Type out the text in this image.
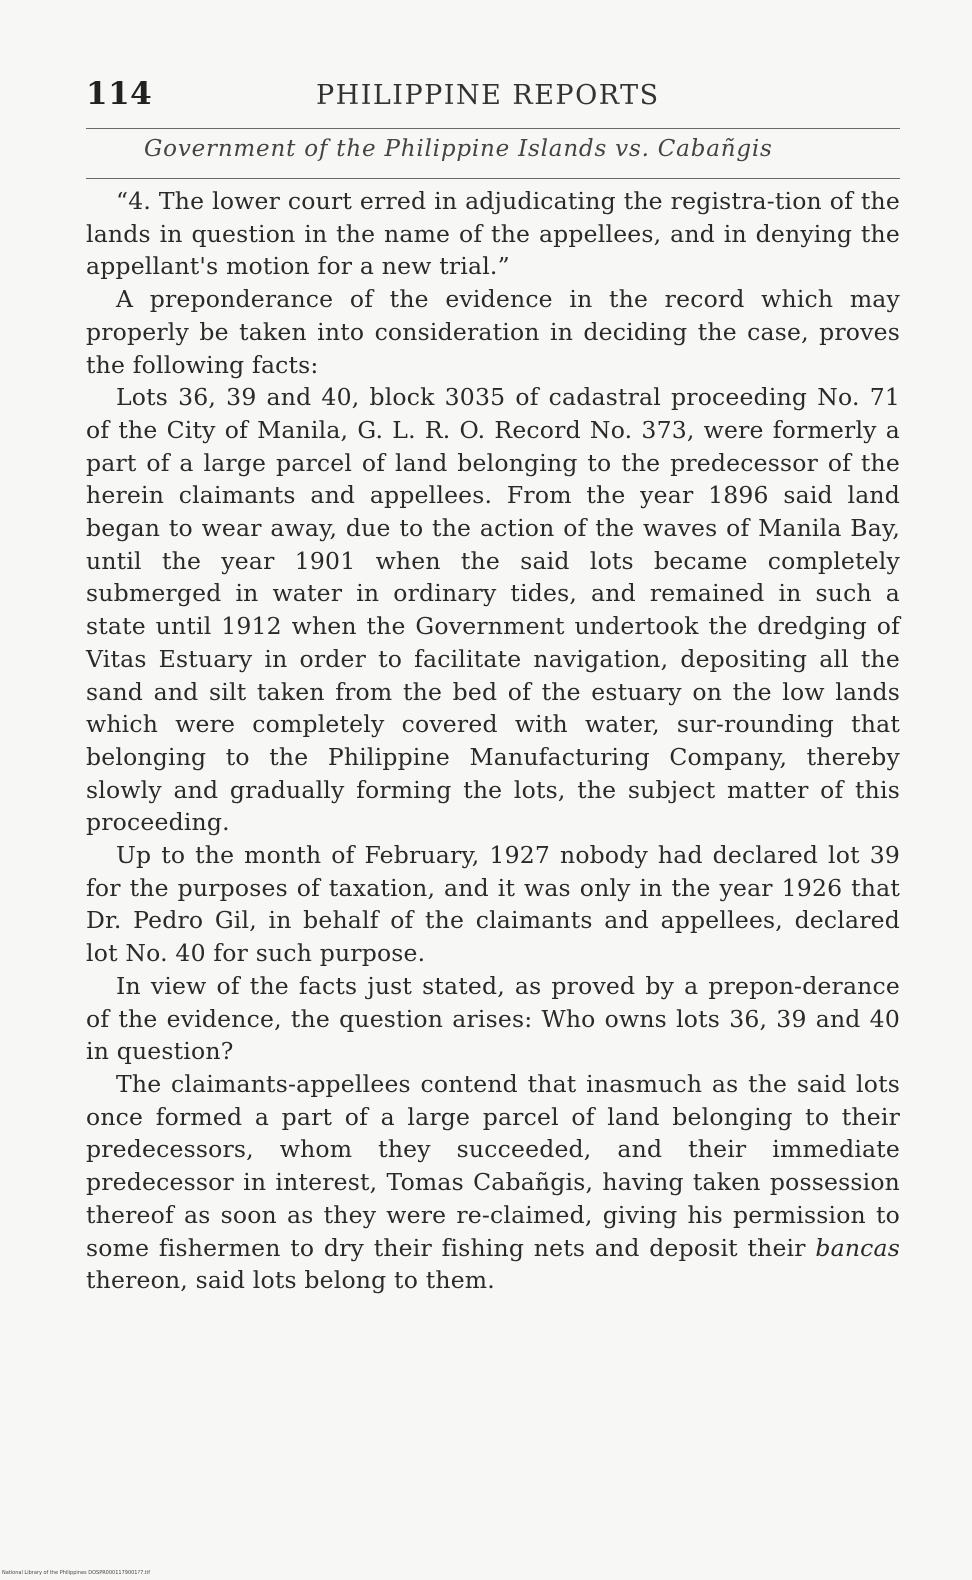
114	PHILIPPINE REPORTS
Government of the Philippine Islands vs. Cabañgis

“4. The lower court erred in adjudicating the registra-tion of the lands in question in the name of the appellees, and in denying the appellant's motion for a new trial.”

A preponderance of the evidence in the record which may properly be taken into consideration in deciding the case, proves the following facts:

Lots 36, 39 and 40, block 3035 of cadastral proceeding No. 71 of the City of Manila, G. L. R. O. Record No. 373, were formerly a part of a large parcel of land belonging to the predecessor of the herein claimants and appellees. From the year 1896 said land began to wear away, due to the action of the waves of Manila Bay, until the year 1901 when the said lots became completely submerged in water in ordinary tides, and remained in such a state until 1912 when the Government undertook the dredging of Vitas Estuary in order to facilitate navigation, depositing all the sand and silt taken from the bed of the estuary on the low lands which were completely covered with water, sur-rounding that belonging to the Philippine Manufacturing Company, thereby slowly and gradually forming the lots, the subject matter of this proceeding.

Up to the month of February, 1927 nobody had declared lot 39 for the purposes of taxation, and it was only in the year 1926 that Dr. Pedro Gil, in behalf of the claimants and appellees, declared lot No. 40 for such purpose.

In view of the facts just stated, as proved by a prepon-derance of the evidence, the question arises: Who owns lots 36, 39 and 40 in question?

The claimants-appellees contend that inasmuch as the said lots once formed a part of a large parcel of land belonging to their predecessors, whom they succeeded, and their immediate predecessor in interest, Tomas Cabañgis, having taken possession thereof as soon as they were re-claimed, giving his permission to some fishermen to dry their fishing nets and deposit their bancas thereon, said lots belong to them.

National Library of the Philippines DOSPR0001179001?7.tif
